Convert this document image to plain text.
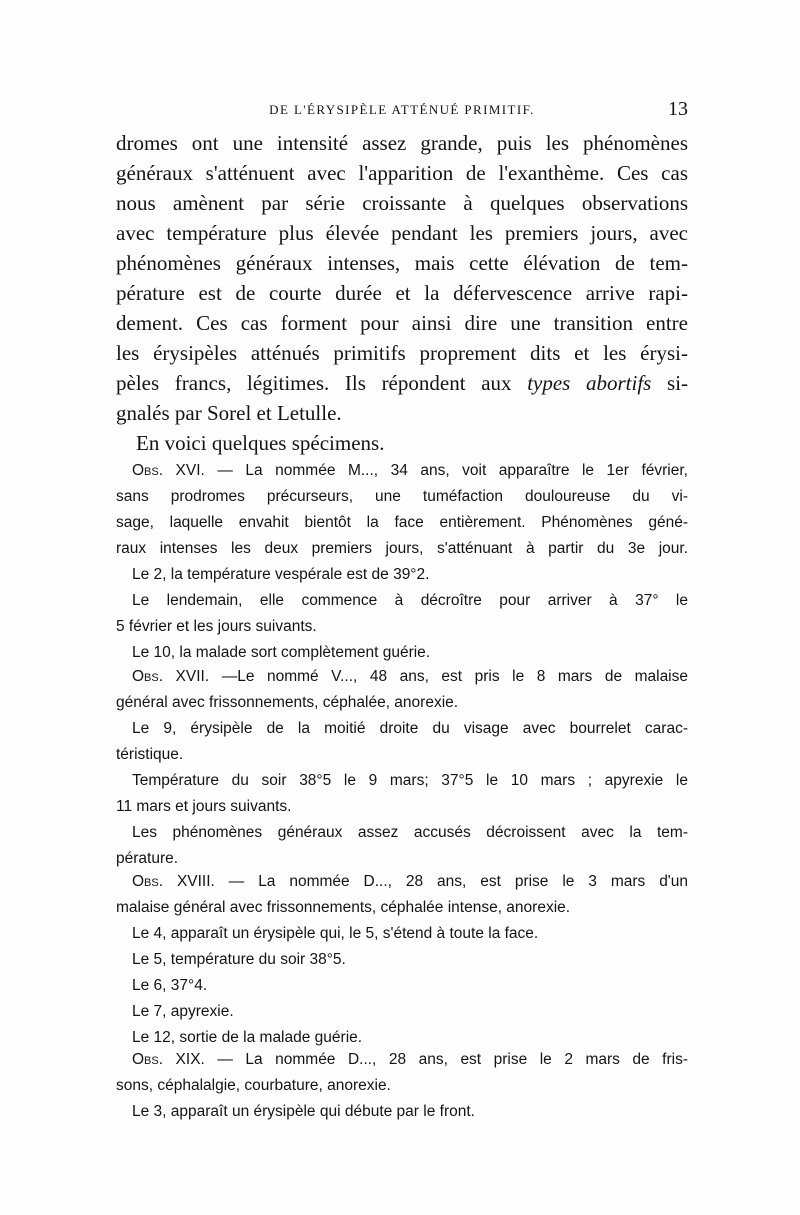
DE L'ÉRYSIPÈLE ATTÉNUÉ PRIMITIF.	13
dromes ont une intensité assez grande, puis les phénomènes
généraux s'atténuent avec l'apparition de l'exanthème. Ces cas
nous amènent par série croissante à quelques observations
avec température plus élevée pendant les premiers jours, avec
phénomènes généraux intenses, mais cette élévation de tem-
pérature est de courte durée et la défervescence arrive rapi-
dement. Ces cas forment pour ainsi dire une transition entre
les érysipèles atténués primitifs proprement dits et les érysi-
pèles francs, légitimes. Ils répondent aux types abortifs si-
gnalés par Sorel et Letulle.
En voici quelques spécimens.
Obs. XVI. — La nommée M..., 34 ans, voit apparaître le 1er février,
sans prodromes précurseurs, une tuméfaction douloureuse du vi-
sage, laquelle envahit bientôt la face entièrement. Phénomènes géné-
raux intenses les deux premiers jours, s'atténuant à partir du 3e jour.
Le 2, la température vespérale est de 39°2.
Le lendemain, elle commence à décroître pour arriver à 37° le
5 février et les jours suivants.
Le 10, la malade sort complètement guérie.
Obs. XVII. —Le nommé V..., 48 ans, est pris le 8 mars de malaise
général avec frissonnements, céphalée, anorexie.
Le 9, érysipèle de la moitié droite du visage avec bourrelet carac-
téristique.
Température du soir 38°5 le 9 mars; 37°5 le 10 mars ; apyrexie le
11 mars et jours suivants.
Les phénomènes généraux assez accusés décroissent avec la tem-
pérature.
Obs. XVIII. — La nommée D..., 28 ans, est prise le 3 mars d'un
malaise général avec frissonnements, céphalée intense, anorexie.
Le 4, apparaît un érysipèle qui, le 5, s'étend à toute la face.
Le 5, température du soir 38°5.
Le 6, 37°4.
Le 7, apyrexie.
Le 12, sortie de la malade guérie.
Obs. XIX. — La nommée D..., 28 ans, est prise le 2 mars de fris-
sons, céphalalgie, courbature, anorexie.
Le 3, apparaît un érysipèle qui débute par le front.
